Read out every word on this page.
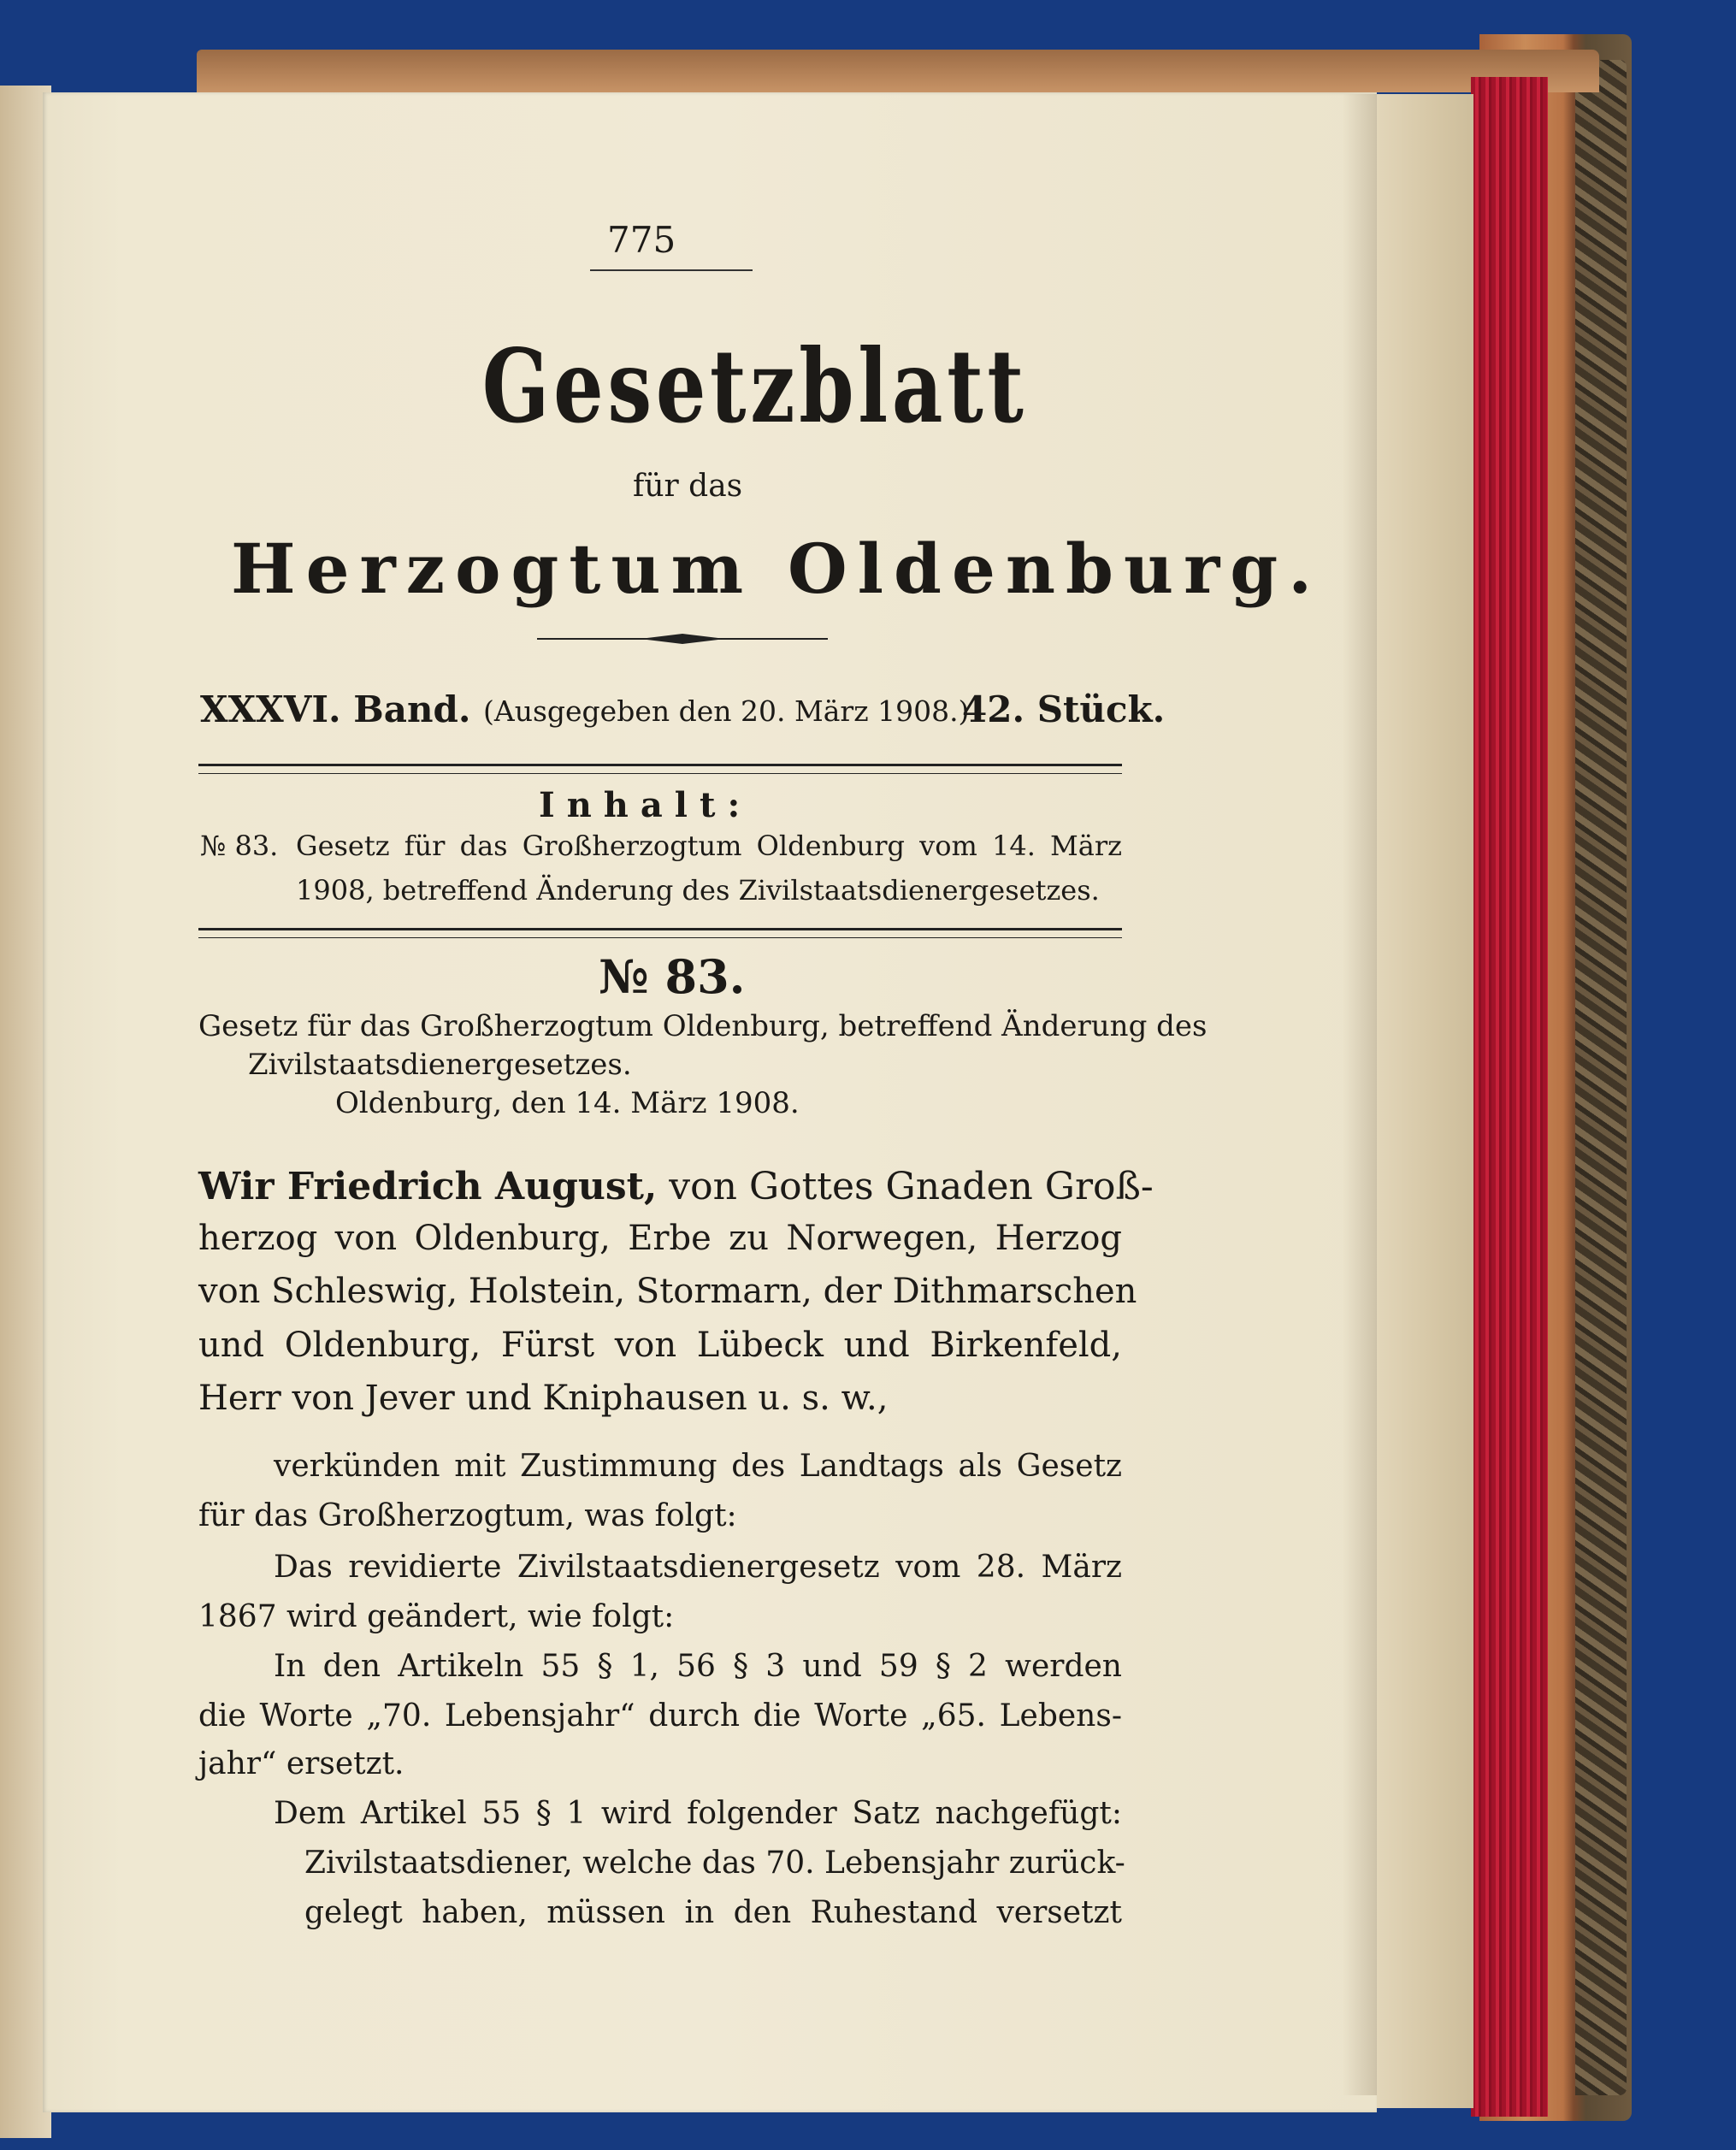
775
Gesetzblatt
für das
Herzogtum Oldenburg.
XXXVI. Band. (Ausgegeben den 20. März 1908.)
42. Stück.
Inhalt:
№ 83. Gesetz für das Großherzogtum Oldenburg vom 14. März
1908, betreffend Änderung des Zivilstaatsdienergesetzes.
№ 83.
Gesetz für das Großherzogtum Oldenburg, betreffend Änderung des
Zivilstaatsdienergesetzes.
Oldenburg, den 14. März 1908.
Wir Friedrich August, von Gottes Gnaden Groß-
herzog von Oldenburg, Erbe zu Norwegen, Herzog
von Schleswig, Holstein, Stormarn, der Dithmarschen
und Oldenburg, Fürst von Lübeck und Birkenfeld,
Herr von Jever und Kniphausen u. s. w.,
verkünden mit Zustimmung des Landtags als Gesetz
für das Großherzogtum, was folgt:
Das revidierte Zivilstaatsdienergesetz vom 28. März
1867 wird geändert, wie folgt:
In den Artikeln 55 § 1, 56 § 3 und 59 § 2 werden
die Worte „70. Lebensjahr“ durch die Worte „65. Lebens-
jahr“ ersetzt.
Dem Artikel 55 § 1 wird folgender Satz nachgefügt:
Zivilstaatsdiener, welche das 70. Lebensjahr zurück-
gelegt haben, müssen in den Ruhestand versetzt
